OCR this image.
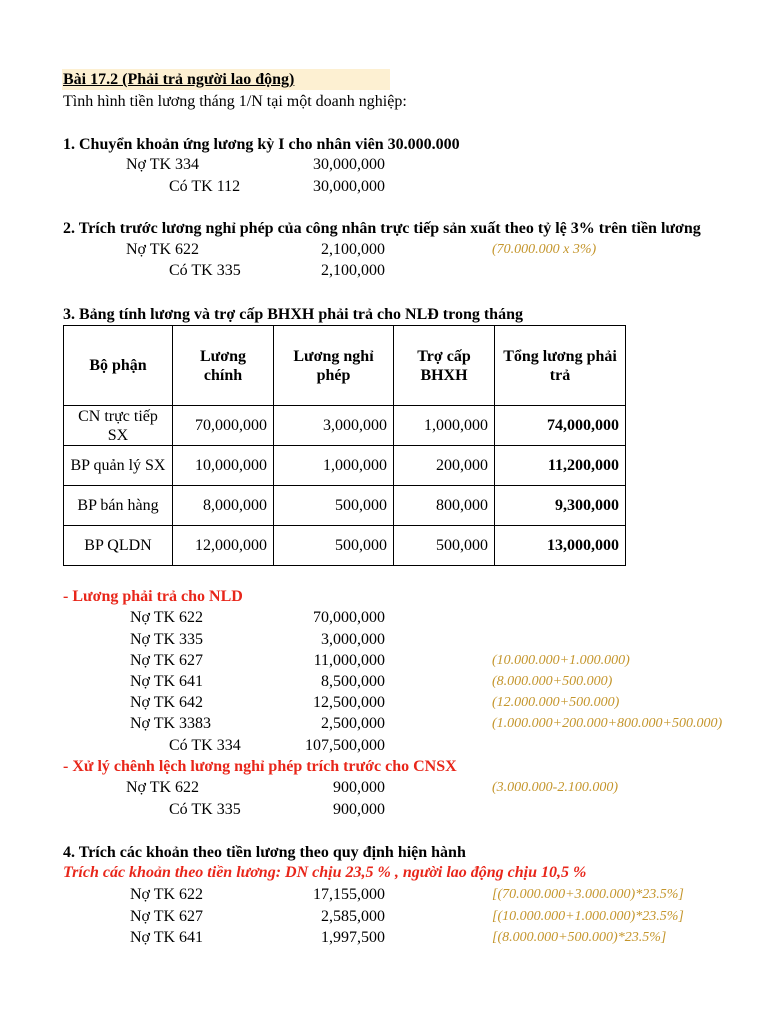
Bài 17.2 (Phải trả người lao động)
Tình hình tiền lương tháng 1/N tại một doanh nghiệp:
1. Chuyển khoản ứng lương kỳ I cho nhân viên 30.000.000
Nợ TK 334	30,000,000
Có TK 112	30,000,000
2. Trích trước lương nghỉ phép của công nhân trực tiếp sản xuất theo tỷ lệ 3% trên tiền lương
Nợ TK 622	2,100,000	(70.000.000 x 3%)
Có TK 335	2,100,000
3. Bảng tính lương và trợ cấp BHXH phải trả cho NLĐ trong tháng
Bộ phận	Lương chính	Lương nghỉ phép	Trợ cấp BHXH	Tổng lương phải trả
CN trực tiếp SX	70,000,000	3,000,000	1,000,000	74,000,000
BP quản lý SX	10,000,000	1,000,000	200,000	11,200,000
BP bán hàng	8,000,000	500,000	800,000	9,300,000
BP QLDN	12,000,000	500,000	500,000	13,000,000
- Lương phải trả cho NLD
Nợ TK 622	70,000,000
Nợ TK 335	3,000,000
Nợ TK 627	11,000,000	(10.000.000+1.000.000)
Nợ TK 641	8,500,000	(8.000.000+500.000)
Nợ TK 642	12,500,000	(12.000.000+500.000)
Nợ TK 3383	2,500,000	(1.000.000+200.000+800.000+500.000)
Có TK 334	107,500,000
- Xử lý chênh lệch lương nghỉ phép trích trước cho CNSX
Nợ TK 622	900,000	(3.000.000-2.100.000)
Có TK 335	900,000
4. Trích các khoản theo tiền lương theo quy định hiện hành
Trích các khoản theo tiền lương: DN chịu 23,5 % , người lao động chịu 10,5 %
Nợ TK 622	17,155,000	[(70.000.000+3.000.000)*23.5%]
Nợ TK 627	2,585,000	[(10.000.000+1.000.000)*23.5%]
Nợ TK 641	1,997,500	[(8.000.000+500.000)*23.5%]
